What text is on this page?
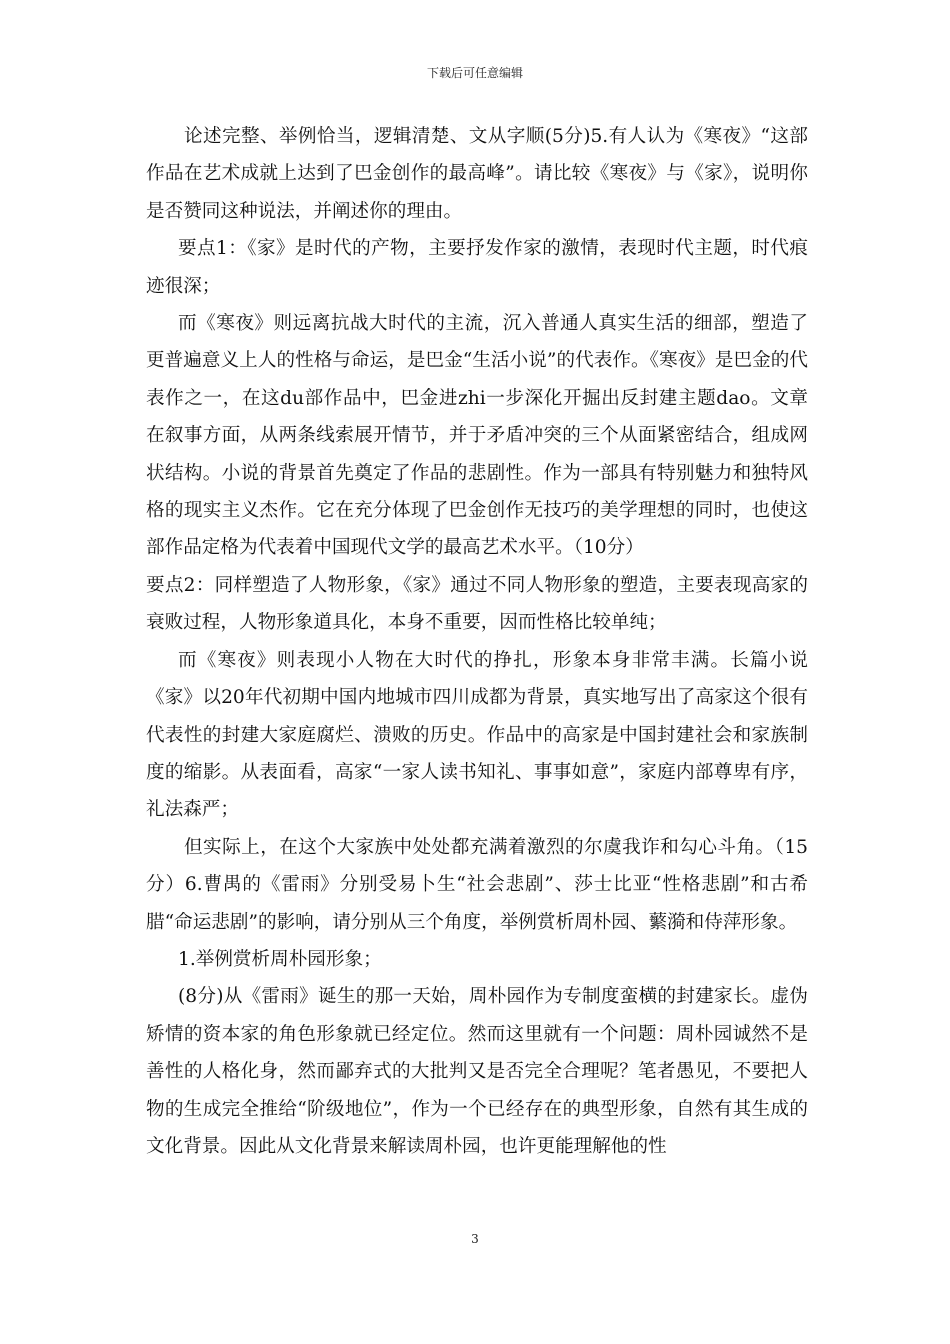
下载后可任意编辑

论述完整、举例恰当，逻辑清楚、文从字顺(5分)5.有人认为《寒夜》“这部作品在艺术成就上达到了巴金创作的最高峰”。请比较《寒夜》与《家》，说明你是否赞同这种说法，并阐述你的理由。

要点1：《家》是时代的产物，主要抒发作家的激情，表现时代主题，时代痕迹很深；

而《寒夜》则远离抗战大时代的主流，沉入普通人真实生活的细部，塑造了更普遍意义上人的性格与命运，是巴金“生活小说”的代表作。《寒夜》是巴金的代表作之一，在这du部作品中，巴金进zhi一步深化开掘出反封建主题dao。文章在叙事方面，从两条线索展开情节，并于矛盾冲突的三个从面紧密结合，组成网状结构。小说的背景首先奠定了作品的悲剧性。作为一部具有特别魅力和独特风格的现实主义杰作。它在充分体现了巴金创作无技巧的美学理想的同时，也使这部作品定格为代表着中国现代文学的最高艺术水平。（10分）

要点2：同样塑造了人物形象，《家》通过不同人物形象的塑造，主要表现高家的衰败过程，人物形象道具化，本身不重要，因而性格比较单纯；

而《寒夜》则表现小人物在大时代的挣扎，形象本身非常丰满。长篇小说《家》以20年代初期中国内地城市四川成都为背景，真实地写出了高家这个很有代表性的封建大家庭腐烂、溃败的历史。作品中的高家是中国封建社会和家族制度的缩影。从表面看，高家“一家人读书知礼、事事如意”，家庭内部尊卑有序，礼法森严；

但实际上，在这个大家族中处处都充满着激烈的尔虞我诈和勾心斗角。（15分）6.曹禺的《雷雨》分别受易卜生“社会悲剧”、莎士比亚“性格悲剧”和古希腊“命运悲剧”的影响，请分别从三个角度，举例赏析周朴园、蘩漪和侍萍形象。

1.举例赏析周朴园形象；

(8分)从《雷雨》诞生的那一天始，周朴园作为专制度蛮横的封建家长。虚伪矫情的资本家的角色形象就已经定位。然而这里就有一个问题：周朴园诚然不是善性的人格化身，然而鄙弃式的大批判又是否完全合理呢？笔者愚见，不要把人物的生成完全推给“阶级地位”，作为一个已经存在的典型形象，自然有其生成的文化背景。因此从文化背景来解读周朴园，也许更能理解他的性

3
